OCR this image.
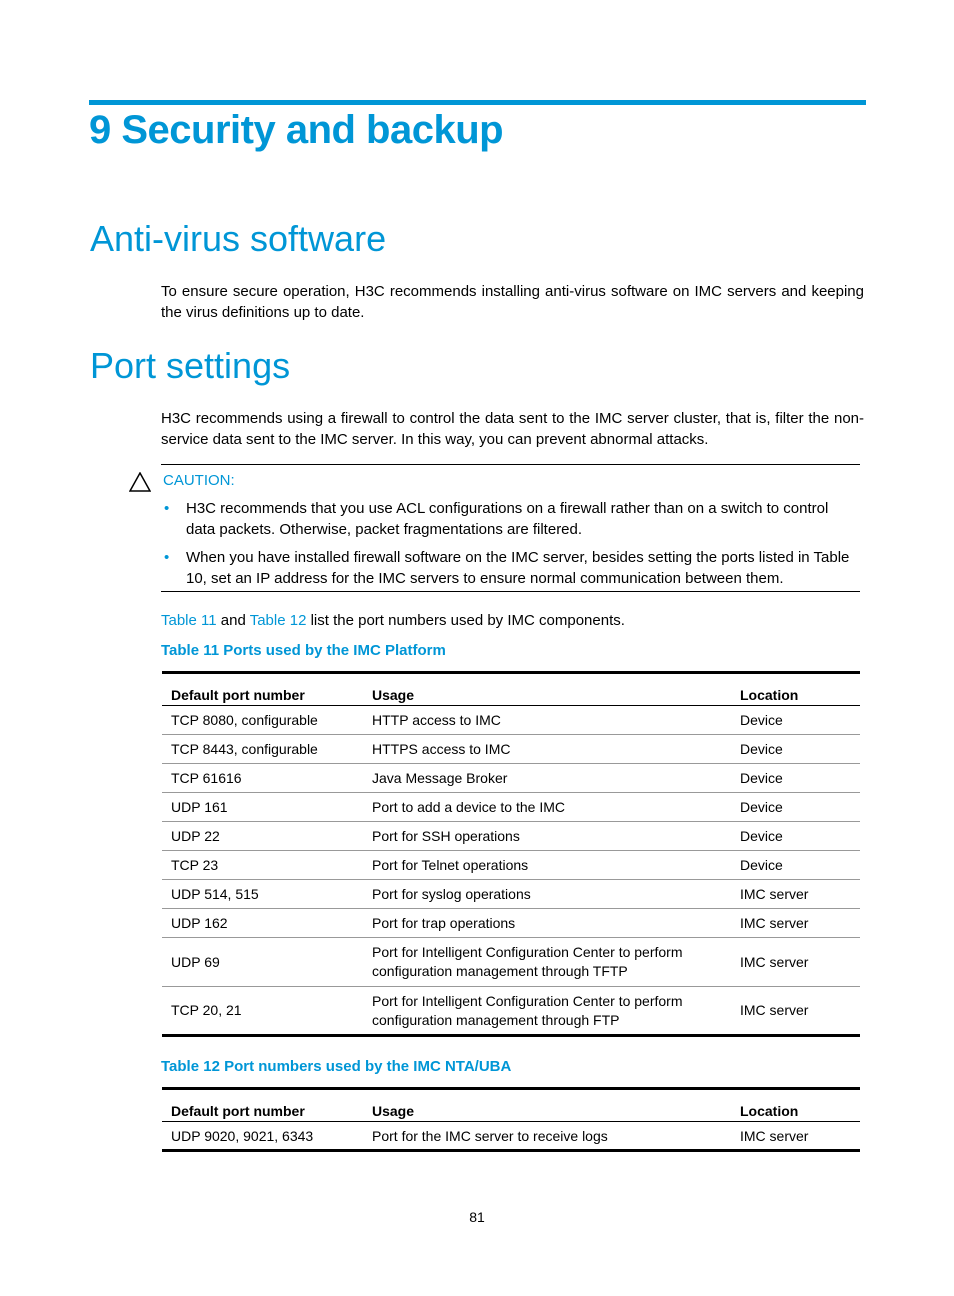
9 Security and backup
Anti-virus software

To ensure secure operation, H3C recommends installing anti-virus software on IMC servers and keeping the virus definitions up to date.

Port settings

H3C recommends using a firewall to control the data sent to the IMC server cluster, that is, filter the non-service data sent to the IMC server. In this way, you can prevent abnormal attacks.

CAUTION:
• H3C recommends that you use ACL configurations on a firewall rather than on a switch to control data packets. Otherwise, packet fragmentations are filtered.
• When you have installed firewall software on the IMC server, besides setting the ports listed in Table 10, set an IP address for the IMC servers to ensure normal communication between them.

Table 11 and Table 12 list the port numbers used by IMC components.

Table 11 Ports used by the IMC Platform

Default port number	Usage	Location
TCP 8080, configurable	HTTP access to IMC	Device
TCP 8443, configurable	HTTPS access to IMC	Device
TCP 61616	Java Message Broker	Device
UDP 161	Port to add a device to the IMC	Device
UDP 22	Port for SSH operations	Device
TCP 23	Port for Telnet operations	Device
UDP 514, 515	Port for syslog operations	IMC server
UDP 162	Port for trap operations	IMC server
UDP 69	Port for Intelligent Configuration Center to perform configuration management through TFTP	IMC server
TCP 20, 21	Port for Intelligent Configuration Center to perform configuration management through FTP	IMC server

Table 12 Port numbers used by the IMC NTA/UBA

Default port number	Usage	Location
UDP 9020, 9021, 6343	Port for the IMC server to receive logs	IMC server
81
